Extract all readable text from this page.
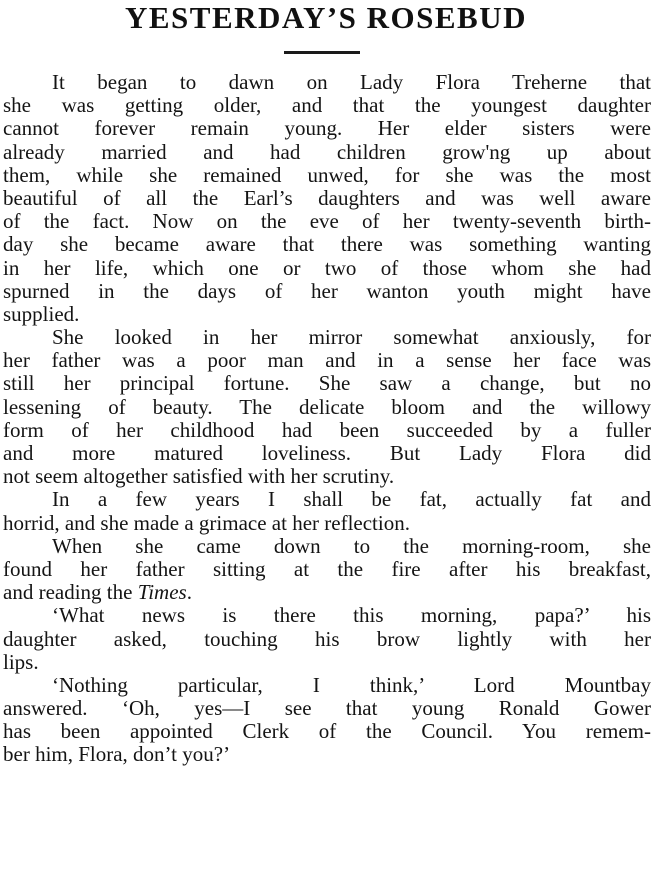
YESTERDAY’S ROSEBUD
It began to dawn on Lady Flora Treherne that
she was getting older, and that the youngest daughter
cannot forever remain young. Her elder sisters were
already married and had children grow'ng up about
them, while she remained unwed, for she was the most
beautiful of all the Earl’s daughters and was well aware
of the fact. Now on the eve of her twenty-seventh birth-
day she became aware that there was something wanting
in her life, which one or two of those whom she had
spurned in the days of her wanton youth might have
supplied.
She looked in her mirror somewhat anxiously, for
her father was a poor man and in a sense her face was
still her principal fortune. She saw a change, but no
lessening of beauty. The delicate bloom and the willowy
form of her childhood had been succeeded by a fuller
and more matured loveliness. But Lady Flora did
not seem altogether satisfied with her scrutiny.
In a few years I shall be fat, actually fat and
horrid, and she made a grimace at her reflection.
When she came down to the morning-room, she
found her father sitting at the fire after his breakfast,
and reading the Times.
‘What news is there this morning, papa?’ his
daughter asked, touching his brow lightly with her
lips.
‘Nothing particular, I think,’ Lord Mountbay
answered. ‘Oh, yes—I see that young Ronald Gower
has been appointed Clerk of the Council. You remem-
ber him, Flora, don’t you?’
